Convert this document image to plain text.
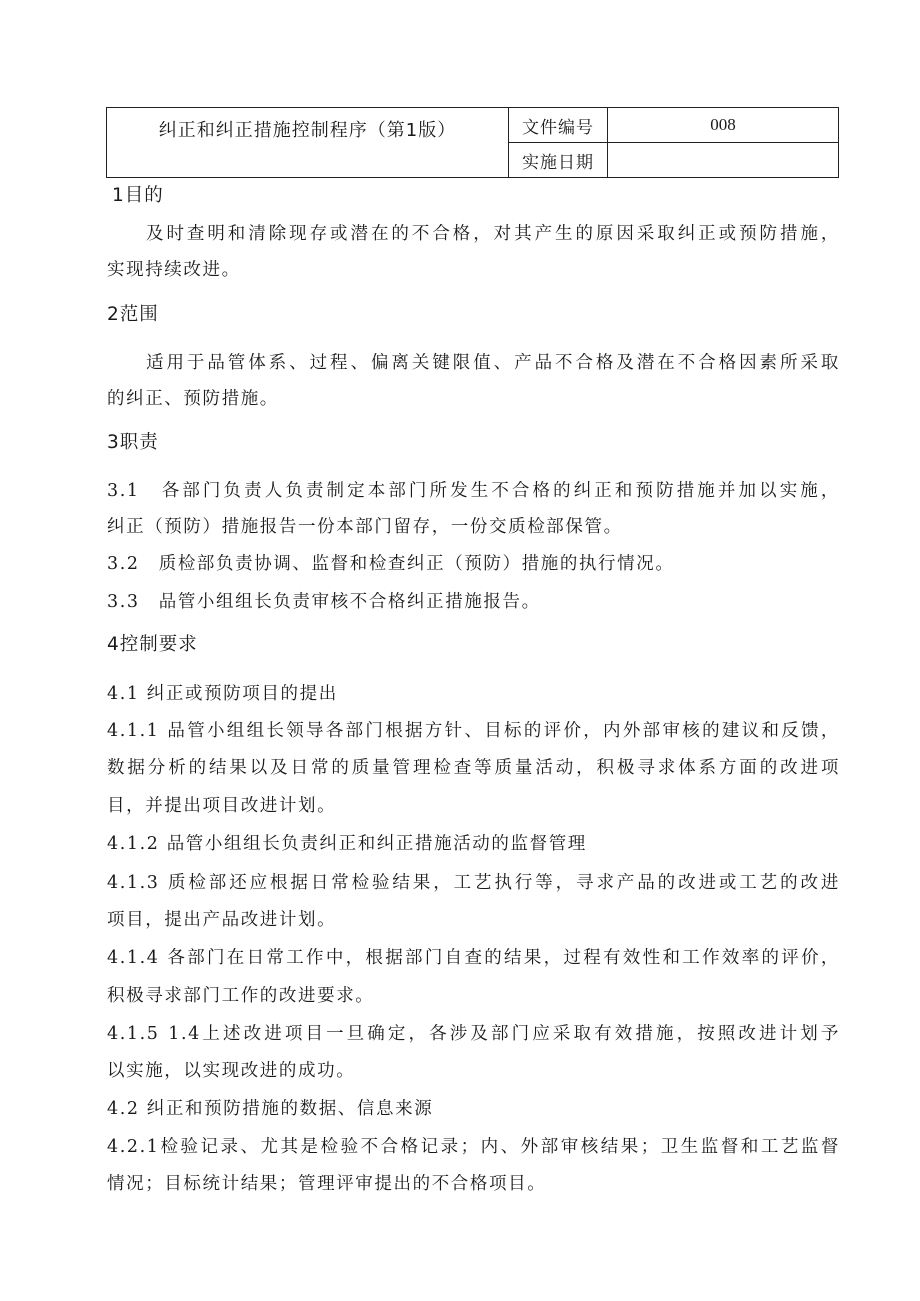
纠正和纠正措施控制程序（第1版）	文件编号	008
	实施日期	
1目的
及时查明和清除现存或潜在的不合格，对其产生的原因采取纠正或预防措施，
实现持续改进。
2范围
适用于品管体系、过程、偏离关键限值、产品不合格及潜在不合格因素所采取
的纠正、预防措施。
3职责
3.1　各部门负责人负责制定本部门所发生不合格的纠正和预防措施并加以实施，
纠正（预防）措施报告一份本部门留存，一份交质检部保管。
3.2　质检部负责协调、监督和检查纠正（预防）措施的执行情况。
3.3　品管小组组长负责审核不合格纠正措施报告。
4控制要求
4.1 纠正或预防项目的提出
4.1.1 品管小组组长领导各部门根据方针、目标的评价，内外部审核的建议和反馈，
数据分析的结果以及日常的质量管理检查等质量活动，积极寻求体系方面的改进项
目，并提出项目改进计划。
4.1.2 品管小组组长负责纠正和纠正措施活动的监督管理
4.1.3 质检部还应根据日常检验结果，工艺执行等，寻求产品的改进或工艺的改进
项目，提出产品改进计划。
4.1.4 各部门在日常工作中，根据部门自查的结果，过程有效性和工作效率的评价，
积极寻求部门工作的改进要求。
4.1.5 1.4上述改进项目一旦确定，各涉及部门应采取有效措施，按照改进计划予
以实施，以实现改进的成功。
4.2 纠正和预防措施的数据、信息来源
4.2.1检验记录、尤其是检验不合格记录；内、外部审核结果；卫生监督和工艺监督
情况；目标统计结果；管理评审提出的不合格项目。
